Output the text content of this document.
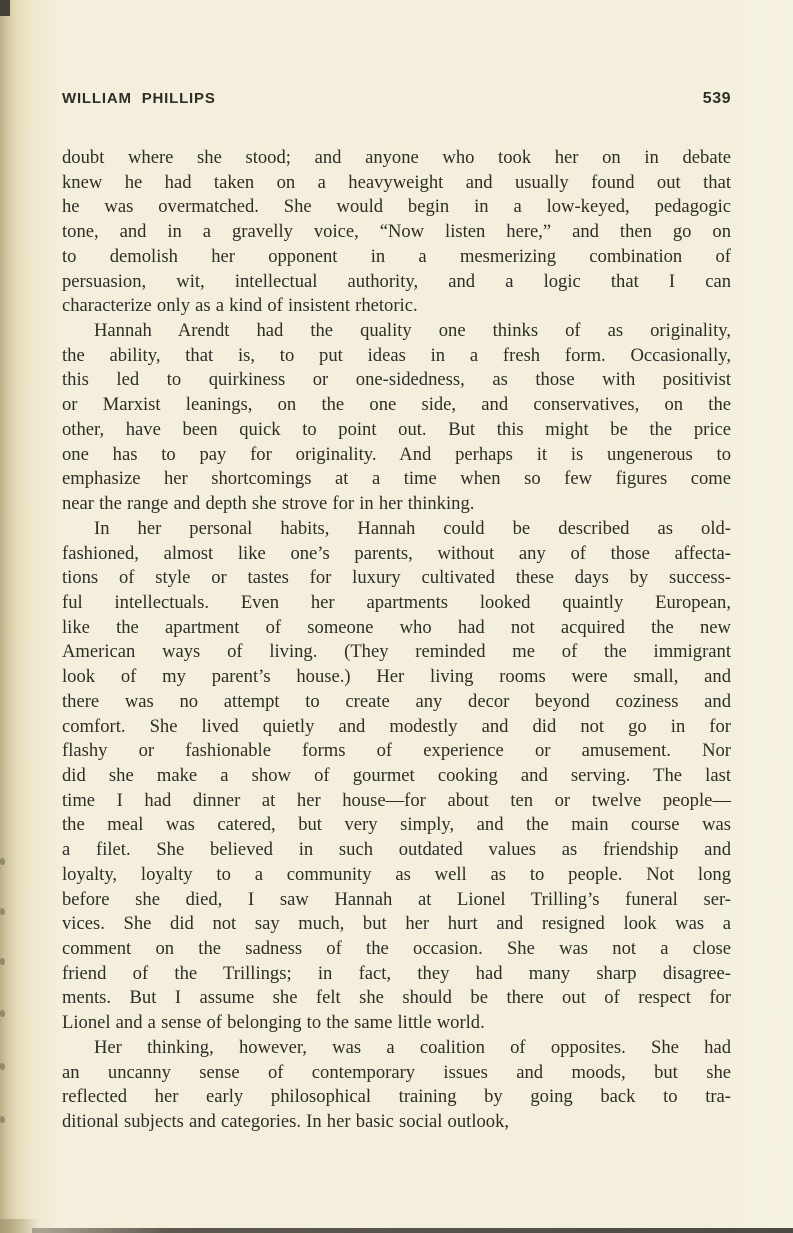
WILLIAM PHILLIPS	539
doubt where she stood; and anyone who took her on in debate
knew he had taken on a heavyweight and usually found out that
he was overmatched. She would begin in a low-keyed, pedagogic
tone, and in a gravelly voice, “Now listen here,” and then go on
to demolish her opponent in a mesmerizing combination of
persuasion, wit, intellectual authority, and a logic that I can
characterize only as a kind of insistent rhetoric.
Hannah Arendt had the quality one thinks of as originality,
the ability, that is, to put ideas in a fresh form. Occasionally,
this led to quirkiness or one-sidedness, as those with positivist
or Marxist leanings, on the one side, and conservatives, on the
other, have been quick to point out. But this might be the price
one has to pay for originality. And perhaps it is ungenerous to
emphasize her shortcomings at a time when so few figures come
near the range and depth she strove for in her thinking.
In her personal habits, Hannah could be described as old-
fashioned, almost like one’s parents, without any of those affecta-
tions of style or tastes for luxury cultivated these days by success-
ful intellectuals. Even her apartments looked quaintly European,
like the apartment of someone who had not acquired the new
American ways of living. (They reminded me of the immigrant
look of my parent’s house.) Her living rooms were small, and
there was no attempt to create any decor beyond coziness and
comfort. She lived quietly and modestly and did not go in for
flashy or fashionable forms of experience or amusement. Nor
did she make a show of gourmet cooking and serving. The last
time I had dinner at her house—for about ten or twelve people—
the meal was catered, but very simply, and the main course was
a filet. She believed in such outdated values as friendship and
loyalty, loyalty to a community as well as to people. Not long
before she died, I saw Hannah at Lionel Trilling’s funeral ser-
vices. She did not say much, but her hurt and resigned look was a
comment on the sadness of the occasion. She was not a close
friend of the Trillings; in fact, they had many sharp disagree-
ments. But I assume she felt she should be there out of respect for
Lionel and a sense of belonging to the same little world.
Her thinking, however, was a coalition of opposites. She had
an uncanny sense of contemporary issues and moods, but she
reflected her early philosophical training by going back to tra-
ditional subjects and categories. In her basic social outlook,
